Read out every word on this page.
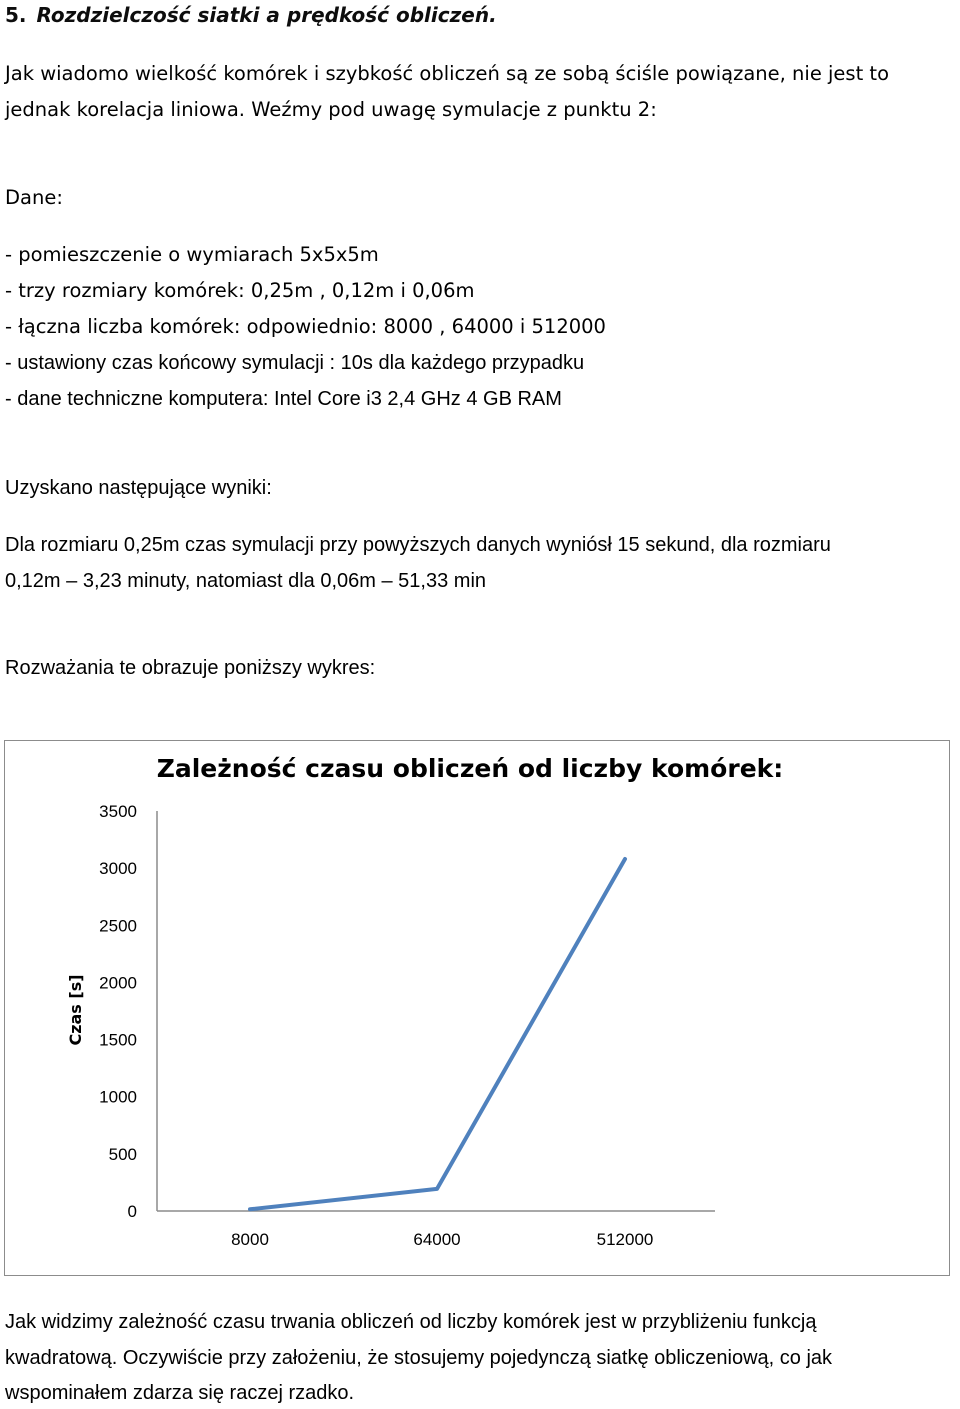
5. Rozdzielczość siatki a prędkość obliczeń.
Jak wiadomo wielkość komórek i szybkość obliczeń są ze sobą ściśle powiązane, nie jest to
jednak korelacja liniowa. Weźmy pod uwagę symulacje z punktu 2:
Dane:
- pomieszczenie o wymiarach 5x5x5m
- trzy rozmiary komórek: 0,25m , 0,12m i 0,06m
- łączna liczba komórek: odpowiednio: 8000 , 64000 i 512000
- ustawiony czas końcowy symulacji : 10s dla każdego przypadku
- dane techniczne komputera: Intel Core i3 2,4 GHz 4 GB RAM
Uzyskano następujące wyniki:
Dla rozmiaru 0,25m czas symulacji przy powyższych danych wyniósł 15 sekund, dla rozmiaru
0,12m – 3,23 minuty, natomiast dla 0,06m – 51,33 min
Rozważania te obrazuje poniższy wykres:
Zależność czasu obliczeń od liczby komórek:
Czas [s]
3500
3000
2500
2000
1500
1000
500
0
8000	64000	512000
Jak widzimy zależność czasu trwania obliczeń od liczby komórek jest w przybliżeniu funkcją
kwadratową. Oczywiście przy założeniu, że stosujemy pojedynczą siatkę obliczeniową, co jak
wspominałem zdarza się raczej rzadko.
